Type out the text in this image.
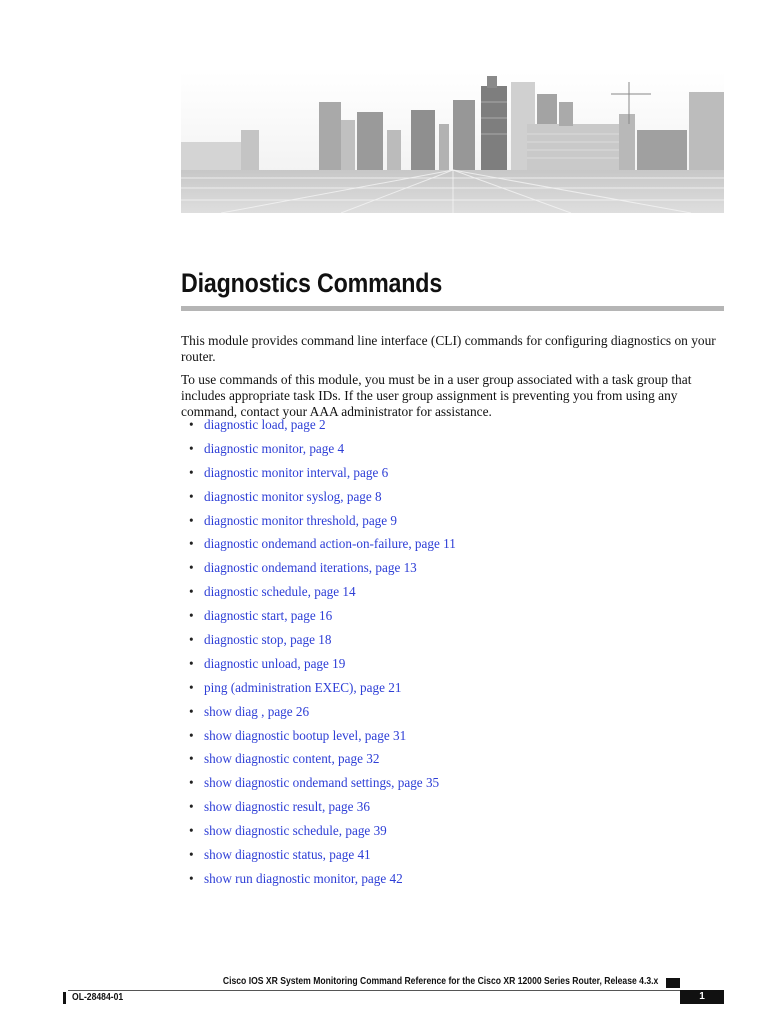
Diagnostics Commands

This module provides command line interface (CLI) commands for configuring diagnostics on your router.

To use commands of this module, you must be in a user group associated with a task group that includes appropriate task IDs. If the user group assignment is preventing you from using any command, contact your AAA administrator for assistance.

• diagnostic load, page 2
• diagnostic monitor, page 4
• diagnostic monitor interval, page 6
• diagnostic monitor syslog, page 8
• diagnostic monitor threshold, page 9
• diagnostic ondemand action-on-failure, page 11
• diagnostic ondemand iterations, page 13
• diagnostic schedule, page 14
• diagnostic start, page 16
• diagnostic stop, page 18
• diagnostic unload, page 19
• ping (administration EXEC), page 21
• show diag , page 26
• show diagnostic bootup level, page 31
• show diagnostic content, page 32
• show diagnostic ondemand settings, page 35
• show diagnostic result, page 36
• show diagnostic schedule, page 39
• show diagnostic status, page 41
• show run diagnostic monitor, page 42
Cisco IOS XR System Monitoring Command Reference for the Cisco XR 12000 Series Router, Release 4.3.x
OL-28484-01	1
